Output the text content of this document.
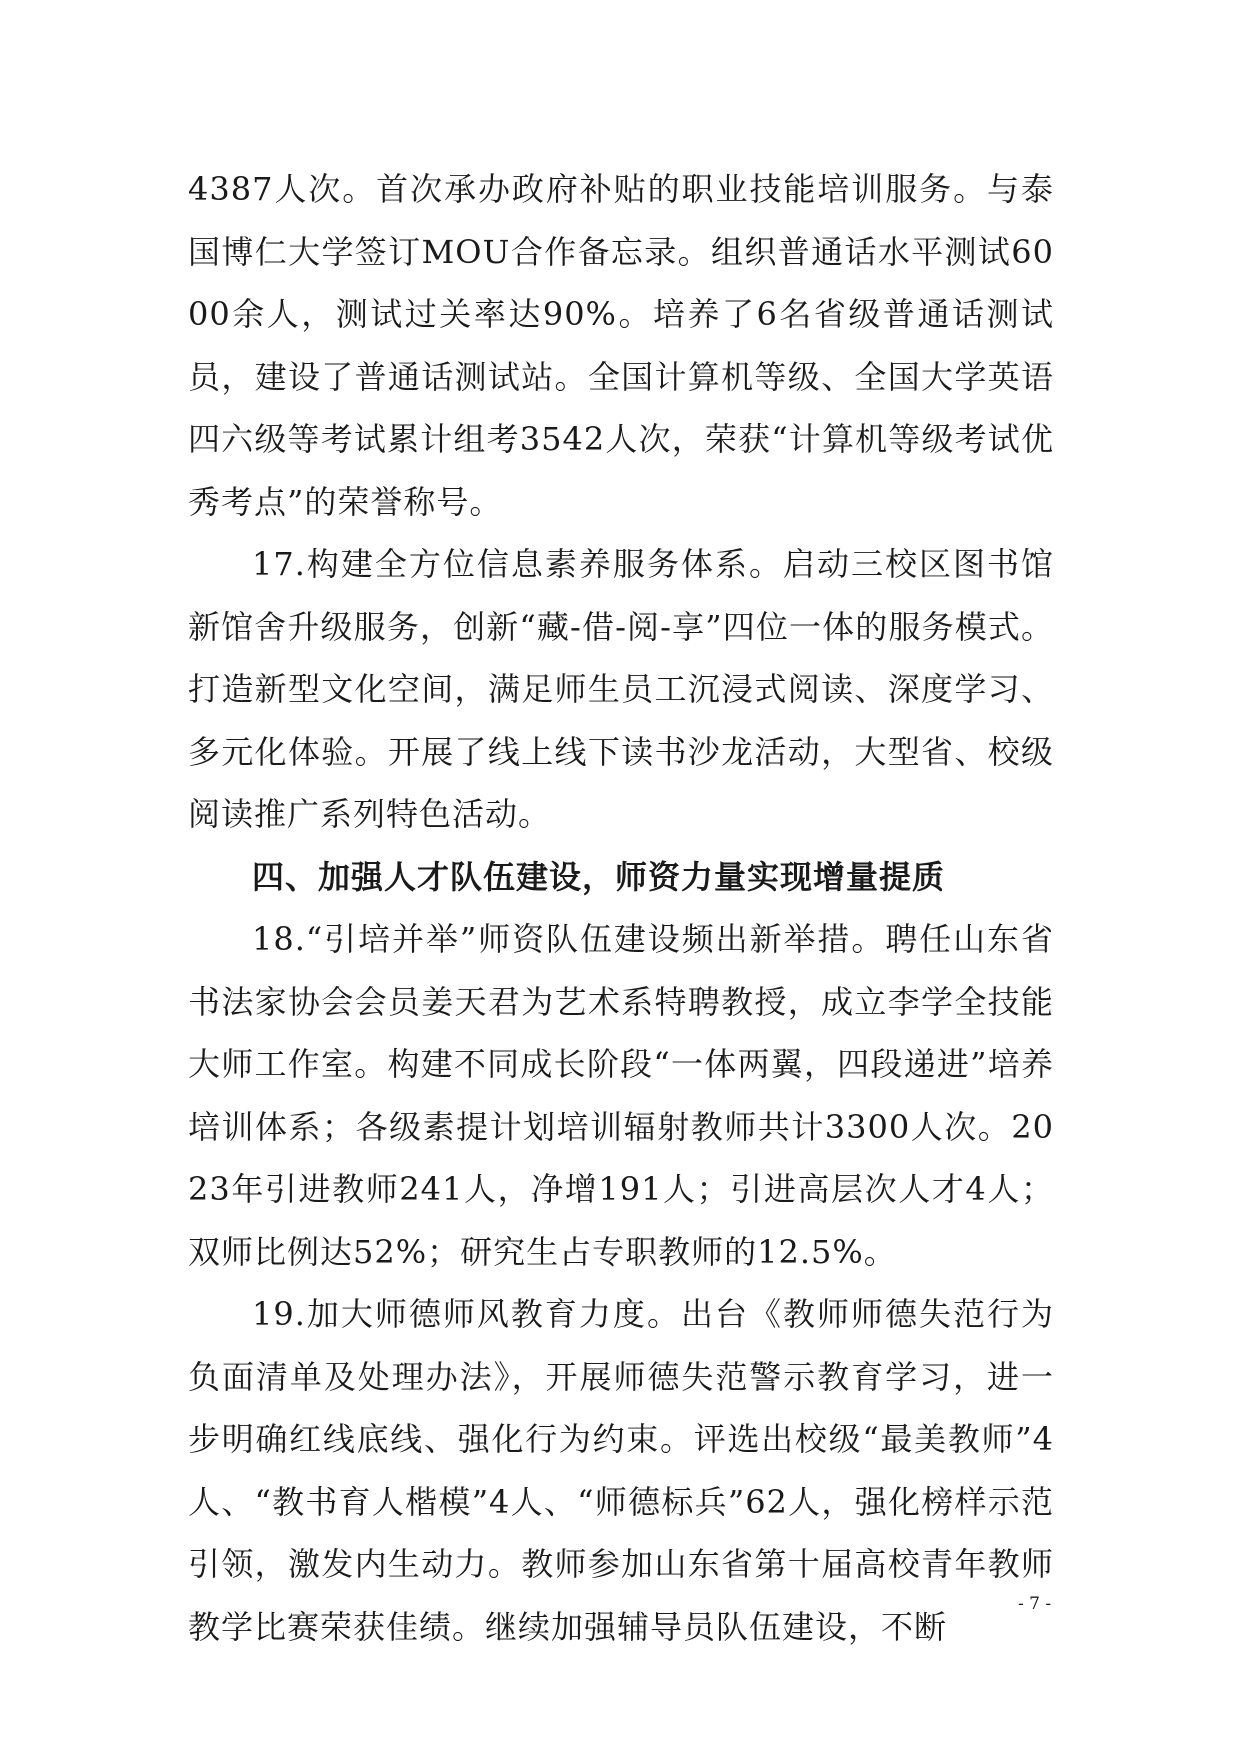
4387人次。首次承办政府补贴的职业技能培训服务。与泰国博仁大学签订MOU合作备忘录。组织普通话水平测试6000余人，测试过关率达90%。培养了6名省级普通话测试员，建设了普通话测试站。全国计算机等级、全国大学英语四六级等考试累计组考3542人次，荣获“计算机等级考试优秀考点”的荣誉称号。

17.构建全方位信息素养服务体系。启动三校区图书馆新馆舍升级服务，创新“藏-借-阅-享”四位一体的服务模式。打造新型文化空间，满足师生员工沉浸式阅读、深度学习、多元化体验。开展了线上线下读书沙龙活动，大型省、校级阅读推广系列特色活动。

四、加强人才队伍建设，师资力量实现增量提质

18.“引培并举”师资队伍建设频出新举措。聘任山东省书法家协会会员姜天君为艺术系特聘教授，成立李学全技能大师工作室。构建不同成长阶段“一体两翼，四段递进”培养培训体系；各级素提计划培训辐射教师共计3300人次。2023年引进教师241人，净增191人；引进高层次人才4人；双师比例达52%；研究生占专职教师的12.5%。

19.加大师德师风教育力度。出台《教师师德失范行为负面清单及处理办法》，开展师德失范警示教育学习，进一步明确红线底线、强化行为约束。评选出校级“最美教师”4人、“教书育人楷模”4人、“师德标兵”62人，强化榜样示范引领，激发内生动力。教师参加山东省第十届高校青年教师教学比赛荣获佳绩。继续加强辅导员队伍建设，不断

- 7 -
